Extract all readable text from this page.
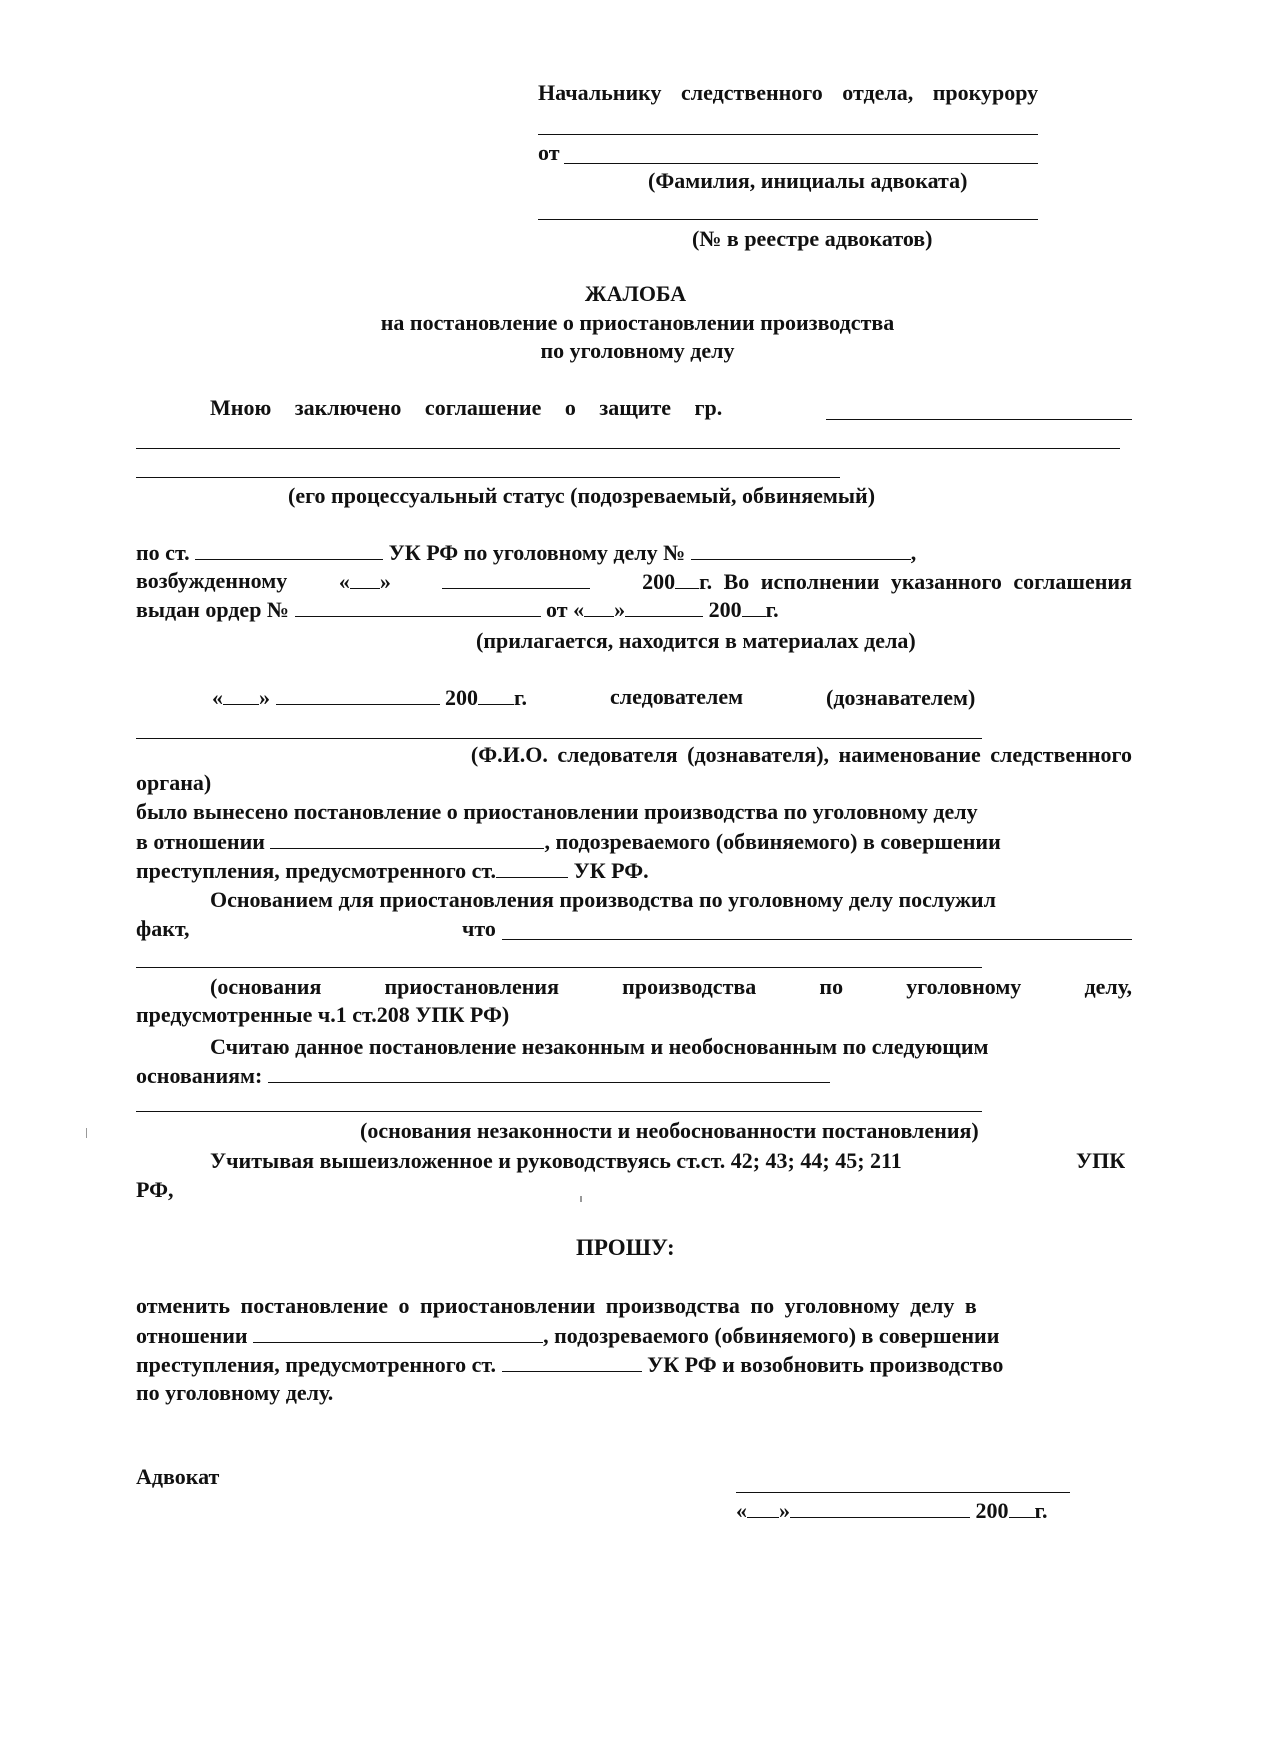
Начальнику следственного отдела, прокурору
от
(Фамилия, инициалы адвоката)
(№ в реестре адвокатов)
ЖАЛОБА
на постановление о приостановлении производства
по уголовному делу
Мною заключено соглашение о защите гр.
(его процессуальный статус (подозреваемый, обвиняемый)
по ст.	УК РФ по уголовному делу №	,
возбужденному « »	200 г. Во исполнении указанного соглашения
выдан ордер №	от « »	200 г.
(прилагается, находится в материалах дела)
« »	200 г.	следователем	(дознавателем)
(Ф.И.О. следователя (дознавателя), наименование следственного
органа)
было вынесено постановление о приостановлении производства по уголовному делу
в отношении	, подозреваемого (обвиняемого) в совершении
преступления, предусмотренного ст.	УК РФ.
Основанием для приостановления производства по уголовному делу послужил
факт,	что
(основания	приостановления	производства	по	уголовному	делу,
предусмотренные ч.1 ст.208 УПК РФ)
Считаю данное постановление незаконным и необоснованным по следующим
основаниям:
(основания незаконности и необоснованности постановления)
Учитывая вышеизложенное и руководствуясь ст.ст. 42; 43; 44; 45; 211	УПК
РФ,
ПРОШУ:
отменить постановление о приостановлении производства по уголовному делу в
отношении	, подозреваемого (обвиняемого) в совершении
преступления, предусмотренного ст.	УК РФ и возобновить производство
по уголовному делу.
Адвокат
« »	200 г.
